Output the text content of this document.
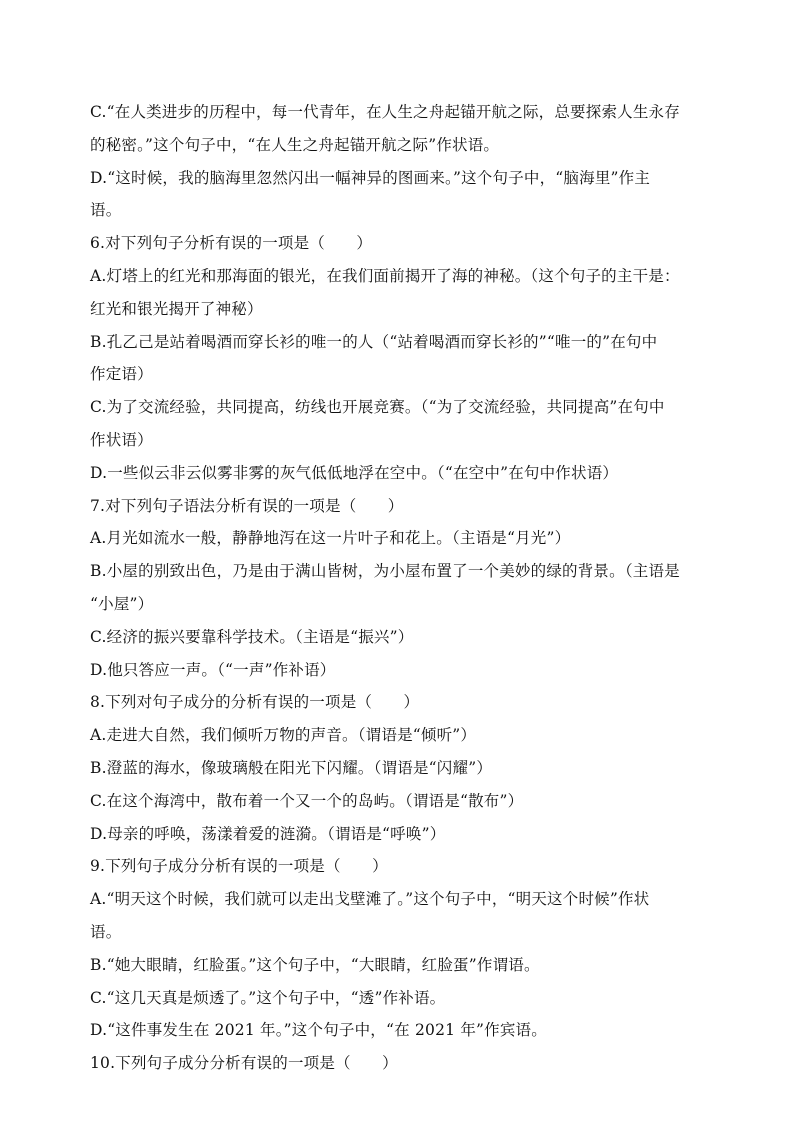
C.“在人类进步的历程中，每一代青年，在人生之舟起锚开航之际，总要探索人生永存
的秘密。”这个句子中，“在人生之舟起锚开航之际”作状语。
D.“这时候，我的脑海里忽然闪出一幅神异的图画来。”这个句子中，“脑海里”作主
语。
6.对下列句子分析有误的一项是（　　）
A.灯塔上的红光和那海面的银光，在我们面前揭开了海的神秘。（这个句子的主干是：
红光和银光揭开了神秘）
B.孔乙己是站着喝酒而穿长衫的唯一的人（“站着喝酒而穿长衫的”“唯一的”在句中
作定语）
C.为了交流经验，共同提高，纺线也开展竞赛。（“为了交流经验，共同提高”在句中
作状语）
D.一些似云非云似雾非雾的灰气低低地浮在空中。（“在空中”在句中作状语）
7.对下列句子语法分析有误的一项是（　　）
A.月光如流水一般，静静地泻在这一片叶子和花上。（主语是“月光”）
B.小屋的别致出色，乃是由于满山皆树，为小屋布置了一个美妙的绿的背景。（主语是
“小屋”）
C.经济的振兴要靠科学技术。（主语是“振兴”）
D.他只答应一声。（“一声”作补语）
8.下列对句子成分的分析有误的一项是（　　）
A.走进大自然，我们倾听万物的声音。（谓语是“倾听”）
B.澄蓝的海水，像玻璃般在阳光下闪耀。（谓语是“闪耀”）
C.在这个海湾中，散布着一个又一个的岛屿。（谓语是“散布”）
D.母亲的呼唤，荡漾着爱的涟漪。（谓语是“呼唤”）
9.下列句子成分分析有误的一项是（　　）
A.“明天这个时候，我们就可以走出戈壁滩了。”这个句子中，“明天这个时候”作状
语。
B.“她大眼睛，红脸蛋。”这个句子中，“大眼睛，红脸蛋”作谓语。
C.“这几天真是烦透了。”这个句子中，“透”作补语。
D.“这件事发生在 2021 年。”这个句子中，“在 2021 年”作宾语。
10.下列句子成分分析有误的一项是（　　）
